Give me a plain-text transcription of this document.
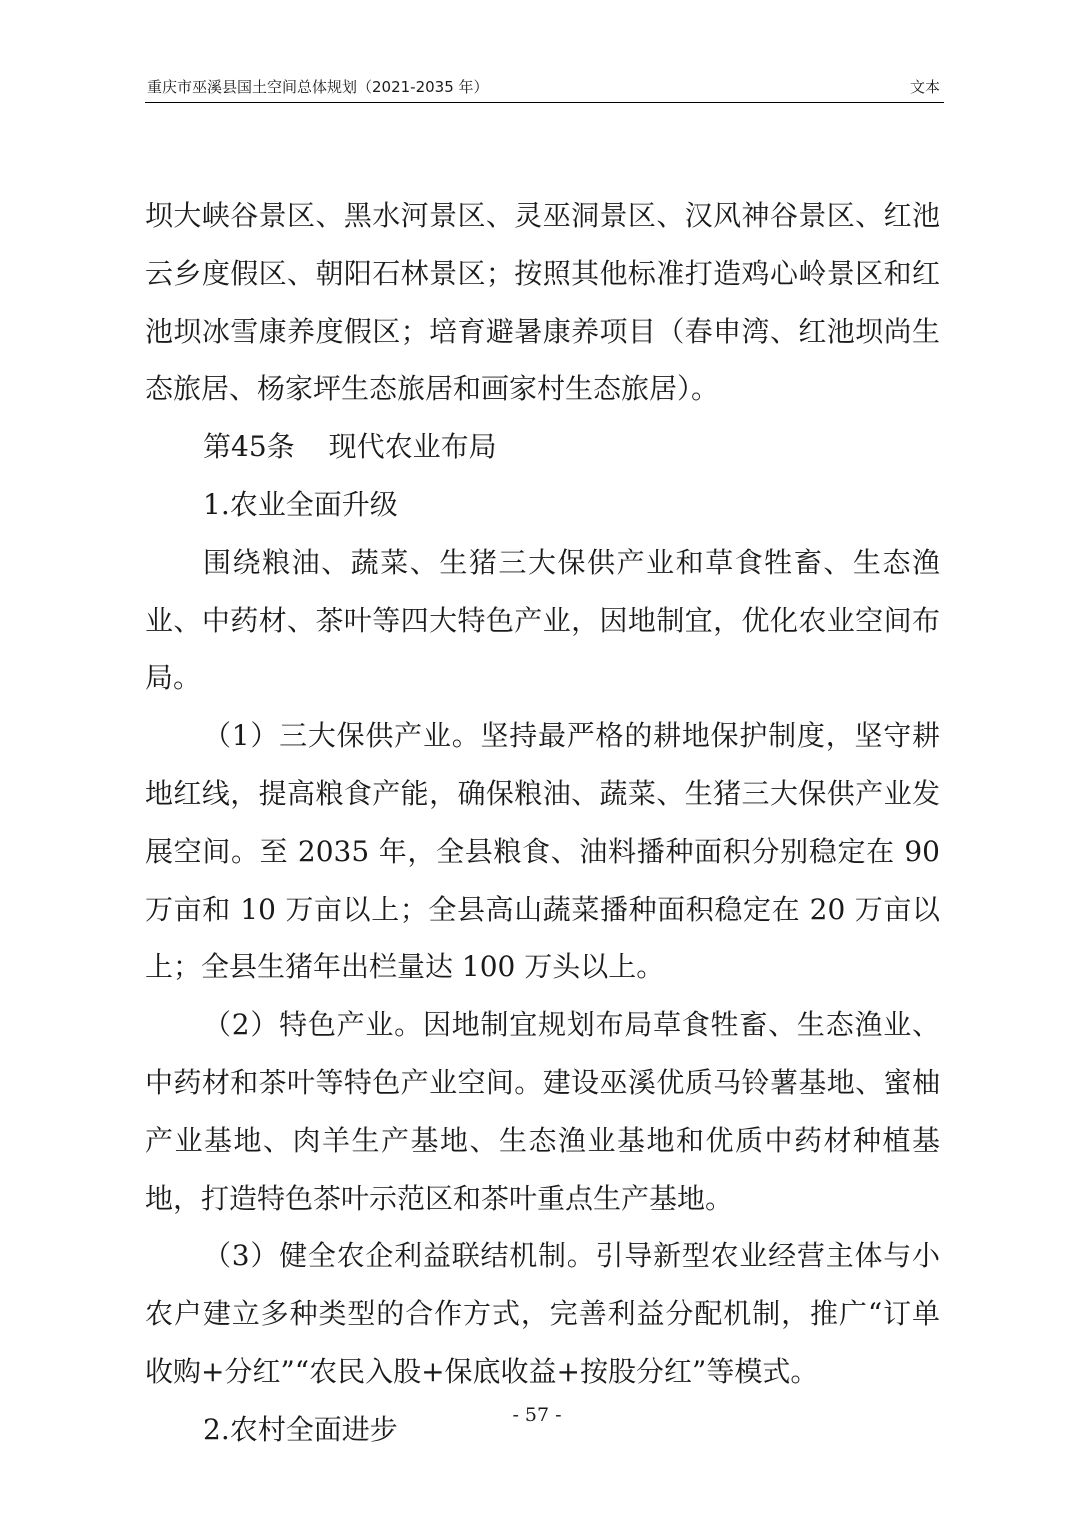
重庆市巫溪县国土空间总体规划（2021-2035 年）	文本

坝大峡谷景区、黑水河景区、灵巫洞景区、汉风神谷景区、红池云乡度假区、朝阳石林景区；按照其他标准打造鸡心岭景区和红池坝冰雪康养度假区；培育避暑康养项目（春申湾、红池坝尚生态旅居、杨家坪生态旅居和画家村生态旅居）。

第45条 现代农业布局

1.农业全面升级

围绕粮油、蔬菜、生猪三大保供产业和草食牲畜、生态渔业、中药材、茶叶等四大特色产业，因地制宜，优化农业空间布局。

（1）三大保供产业。坚持最严格的耕地保护制度，坚守耕地红线，提高粮食产能，确保粮油、蔬菜、生猪三大保供产业发展空间。至 2035 年，全县粮食、油料播种面积分别稳定在 90 万亩和 10 万亩以上；全县高山蔬菜播种面积稳定在 20 万亩以上；全县生猪年出栏量达 100 万头以上。

（2）特色产业。因地制宜规划布局草食牲畜、生态渔业、中药材和茶叶等特色产业空间。建设巫溪优质马铃薯基地、蜜柚产业基地、肉羊生产基地、生态渔业基地和优质中药材种植基地，打造特色茶叶示范区和茶叶重点生产基地。

（3）健全农企利益联结机制。引导新型农业经营主体与小农户建立多种类型的合作方式，完善利益分配机制，推广“订单收购+分红”“农民入股+保底收益+按股分红”等模式。

2.农村全面进步	- 57 -
